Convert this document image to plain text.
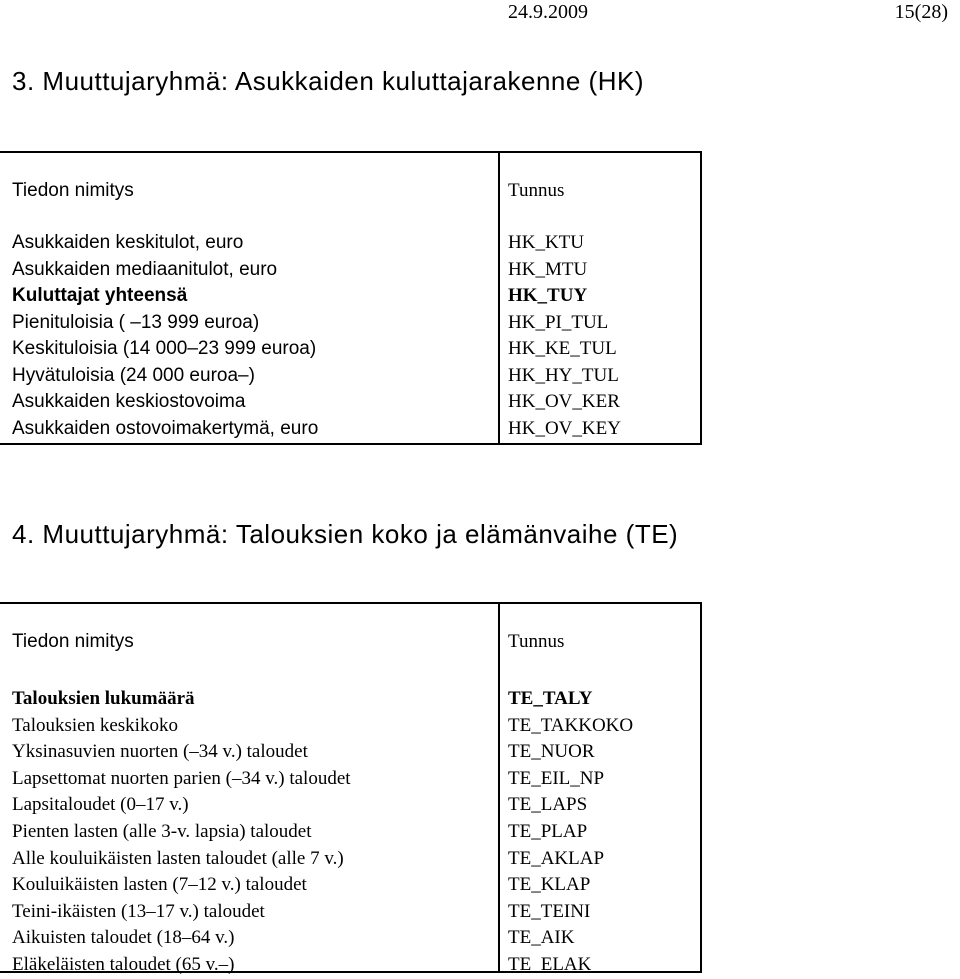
24.9.2009	15(28)
3. Muuttujaryhmä: Asukkaiden kuluttajarakenne (HK)
Tiedon nimitys
Asukkaiden keskitulot, euro
Asukkaiden mediaanitulot, euro
Kuluttajat yhteensä
Pienituloisia ( –13 999 euroa)
Keskituloisia (14 000–23 999 euroa)
Hyvätuloisia (24 000 euroa–)
Asukkaiden keskiostovoima
Asukkaiden ostovoimakertymä, euro
Tunnus
HK_KTU
HK_MTU
HK_TUY
HK_PI_TUL
HK_KE_TUL
HK_HY_TUL
HK_OV_KER
HK_OV_KEY
4. Muuttujaryhmä: Talouksien koko ja elämänvaihe (TE)
Tiedon nimitys
Talouksien lukumäärä
Talouksien keskikoko
Yksinasuvien nuorten (–34 v.) taloudet
Lapsettomat nuorten parien (–34 v.) taloudet
Lapsitaloudet (0–17 v.)
Pienten lasten (alle 3-v. lapsia) taloudet
Alle kouluikäisten lasten taloudet (alle 7 v.)
Kouluikäisten lasten (7–12 v.) taloudet
Teini-ikäisten (13–17 v.) taloudet
Aikuisten taloudet (18–64 v.)
Eläkeläisten taloudet (65 v.–)
Tunnus
TE_TALY
TE_TAKKOKO
TE_NUOR
TE_EIL_NP
TE_LAPS
TE_PLAP
TE_AKLAP
TE_KLAP
TE_TEINI
TE_AIK
TE_ELAK
